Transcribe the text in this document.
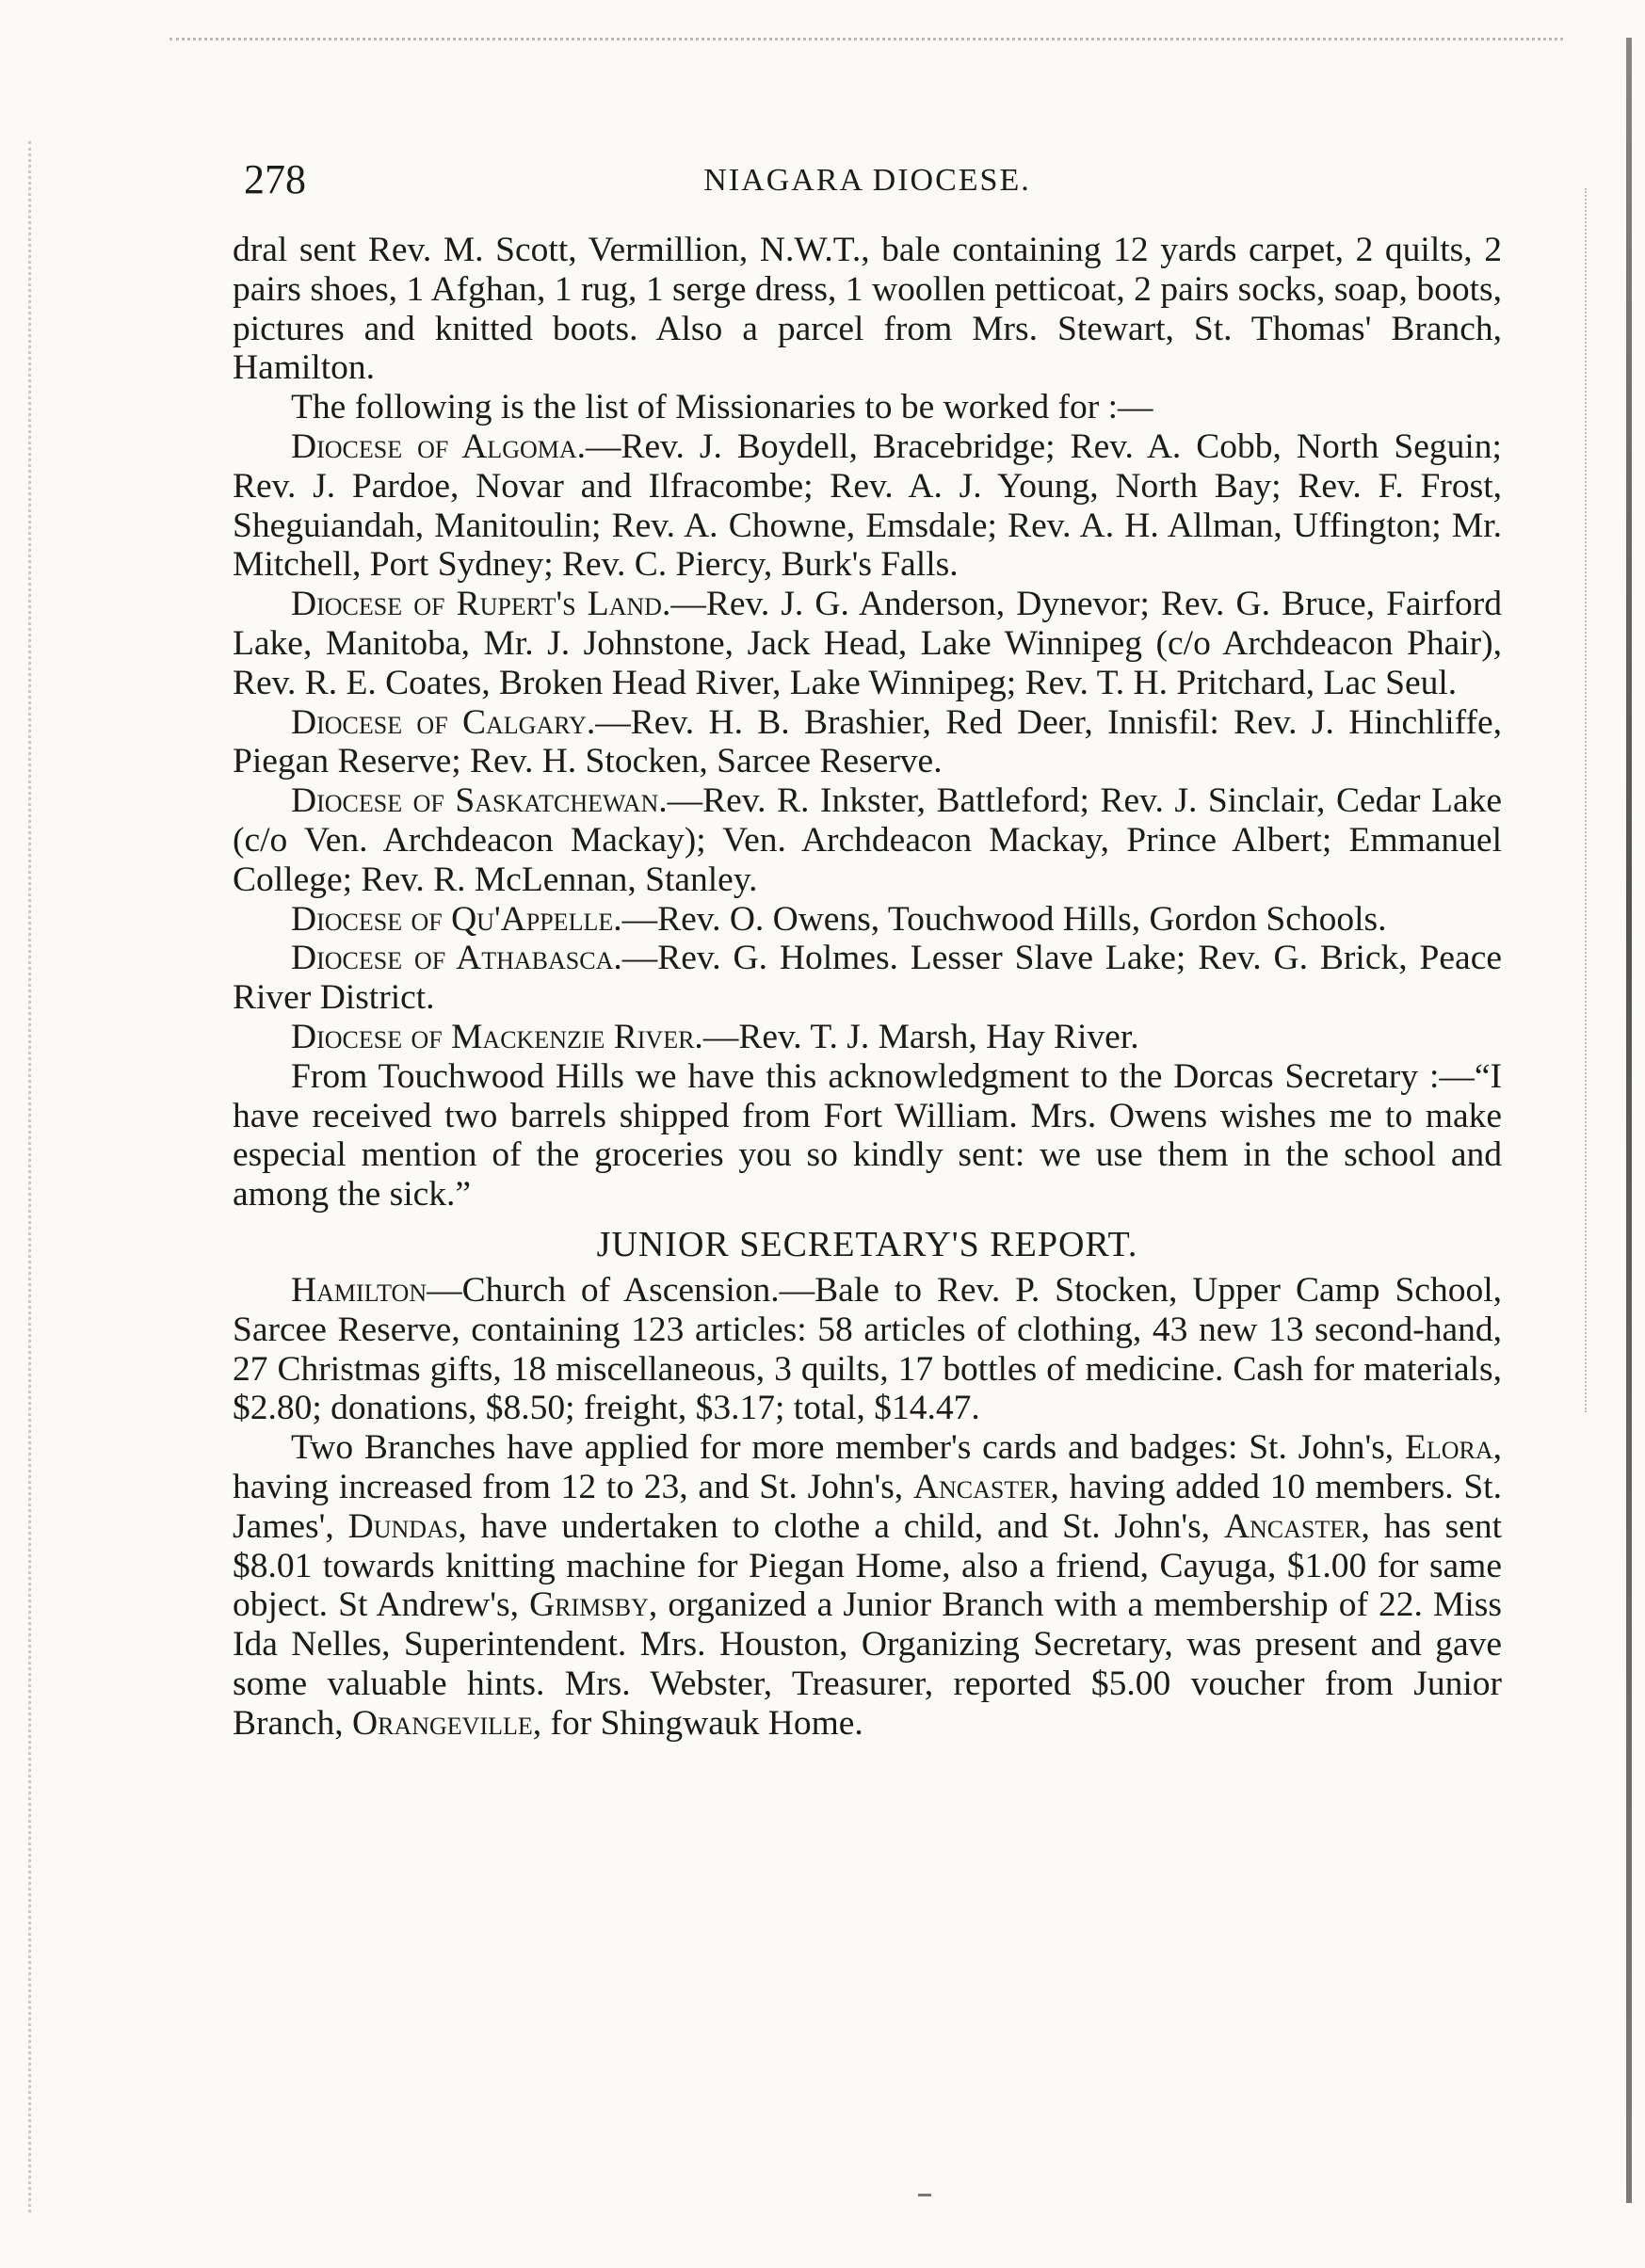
278	NIAGARA DIOCESE.

dral sent Rev. M. Scott, Vermillion, N.W.T., bale containing 12 yards carpet, 2 quilts, 2 pairs shoes, 1 Afghan, 1 rug, 1 serge dress, 1 woollen petticoat, 2 pairs socks, soap, boots, pictures and knitted boots. Also a parcel from Mrs. Stewart, St. Thomas' Branch, Hamilton.

The following is the list of Missionaries to be worked for :—

Diocese of Algoma.—Rev. J. Boydell, Bracebridge; Rev. A. Cobb, North Seguin; Rev. J. Pardoe, Novar and Ilfracombe; Rev. A. J. Young, North Bay; Rev. F. Frost, Sheguiandah, Manitoulin; Rev. A. Chowne, Emsdale; Rev. A. H. Allman, Uffington; Mr. Mitchell, Port Sydney; Rev. C. Piercy, Burk's Falls.

Diocese of Rupert's Land.—Rev. J. G. Anderson, Dynevor; Rev. G. Bruce, Fairford Lake, Manitoba, Mr. J. Johnstone, Jack Head, Lake Winnipeg (c/o Archdeacon Phair), Rev. R. E. Coates, Broken Head River, Lake Winnipeg; Rev. T. H. Pritchard, Lac Seul.

Diocese of Calgary.—Rev. H. B. Brashier, Red Deer, Innisfil: Rev. J. Hinchliffe, Piegan Reserve; Rev. H. Stocken, Sarcee Reserve.

Diocese of Saskatchewan.—Rev. R. Inkster, Battleford; Rev. J. Sinclair, Cedar Lake (c/o Ven. Archdeacon Mackay); Ven. Archdeacon Mackay, Prince Albert; Emmanuel College; Rev. R. McLennan, Stanley.

Diocese of Qu'Appelle.—Rev. O. Owens, Touchwood Hills, Gordon Schools.

Diocese of Athabasca.—Rev. G. Holmes. Lesser Slave Lake; Rev. G. Brick, Peace River District.

Diocese of Mackenzie River.—Rev. T. J. Marsh, Hay River.

From Touchwood Hills we have this acknowledgment to the Dorcas Secretary :—“I have received two barrels shipped from Fort William. Mrs. Owens wishes me to make especial mention of the groceries you so kindly sent: we use them in the school and among the sick.”

JUNIOR SECRETARY'S REPORT.

Hamilton—Church of Ascension.—Bale to Rev. P. Stocken, Upper Camp School, Sarcee Reserve, containing 123 articles: 58 articles of clothing, 43 new 13 second-hand, 27 Christmas gifts, 18 miscellaneous, 3 quilts, 17 bottles of medicine. Cash for materials, $2.80; donations, $8.50; freight, $3.17; total, $14.47.

Two Branches have applied for more member's cards and badges: St. John's, Elora, having increased from 12 to 23, and St. John's, Ancaster, having added 10 members. St. James', Dundas, have undertaken to clothe a child, and St. John's, Ancaster, has sent $8.01 towards knitting machine for Piegan Home, also a friend, Cayuga, $1.00 for same object. St Andrew's, Grimsby, organized a Junior Branch with a membership of 22. Miss Ida Nelles, Superintendent. Mrs. Houston, Organizing Secretary, was present and gave some valuable hints. Mrs. Webster, Treasurer, reported $5.00 voucher from Junior Branch, Orangeville, for Shingwauk Home.
